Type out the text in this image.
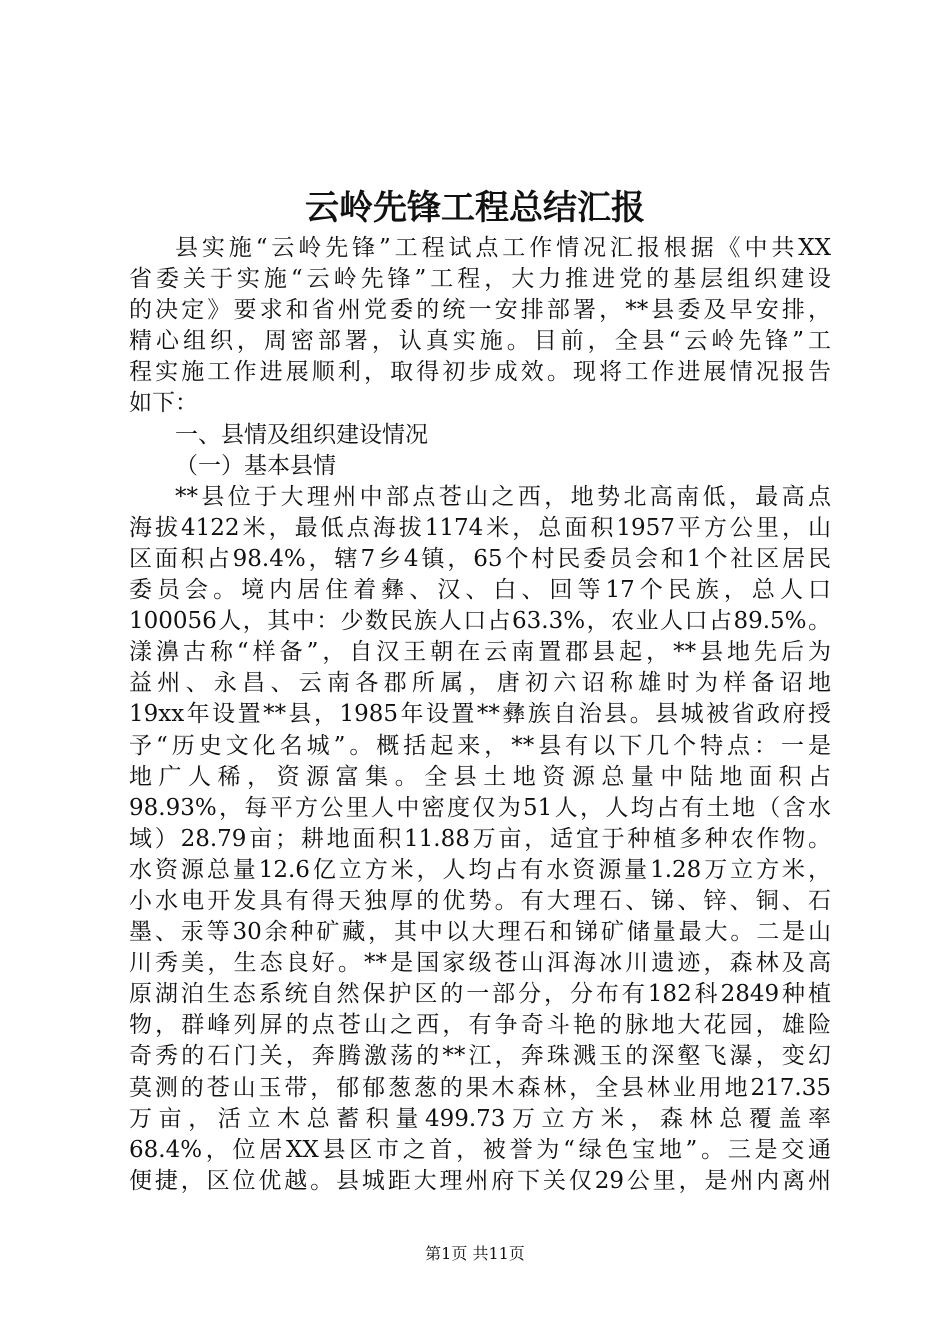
云岭先锋工程总结汇报
县实施“云岭先锋”工程试点工作情况汇报根据《中共XX
省委关于实施“云岭先锋”工程，大力推进党的基层组织建设
的决定》要求和省州党委的统一安排部署，**县委及早安排，
精心组织，周密部署，认真实施。目前，全县“云岭先锋”工
程实施工作进展顺利，取得初步成效。现将工作进展情况报告
如下：
一、县情及组织建设情况
（一）基本县情
**县位于大理州中部点苍山之西，地势北高南低，最高点
海拔4122米，最低点海拔1174米，总面积1957平方公里，山
区面积占98.4%，辖7乡4镇，65个村民委员会和1个社区居民
委员会。境内居住着彝、汉、白、回等17个民族，总人口
100056人，其中：少数民族人口占63.3%，农业人口占89.5%。
漾濞古称“样备”，自汉王朝在云南置郡县起，**县地先后为
益州、永昌、云南各郡所属，唐初六诏称雄时为样备诏地
19xx年设置**县，1985年设置**彝族自治县。县城被省政府授
予“历史文化名城”。概括起来，**县有以下几个特点：一是
地广人稀，资源富集。全县土地资源总量中陆地面积占
98.93%，每平方公里人中密度仅为51人，人均占有土地（含水
域）28.79亩；耕地面积11.88万亩，适宜于种植多种农作物。
水资源总量12.6亿立方米，人均占有水资源量1.28万立方米，
小水电开发具有得天独厚的优势。有大理石、锑、锌、铜、石
墨、汞等30余种矿藏，其中以大理石和锑矿储量最大。二是山
川秀美，生态良好。**是国家级苍山洱海冰川遗迹，森林及高
原湖泊生态系统自然保护区的一部分，分布有182科2849种植
物，群峰列屏的点苍山之西，有争奇斗艳的脉地大花园，雄险
奇秀的石门关，奔腾激荡的**江，奔珠溅玉的深壑飞瀑，变幻
莫测的苍山玉带，郁郁葱葱的果木森林，全县林业用地217.35
万亩，活立木总蓄积量499.73万立方米，森林总覆盖率
68.4%，位居XX县区市之首，被誉为“绿色宝地”。三是交通
便捷，区位优越。县城距大理州府下关仅29公里，是州内离州
第1页 共11页
